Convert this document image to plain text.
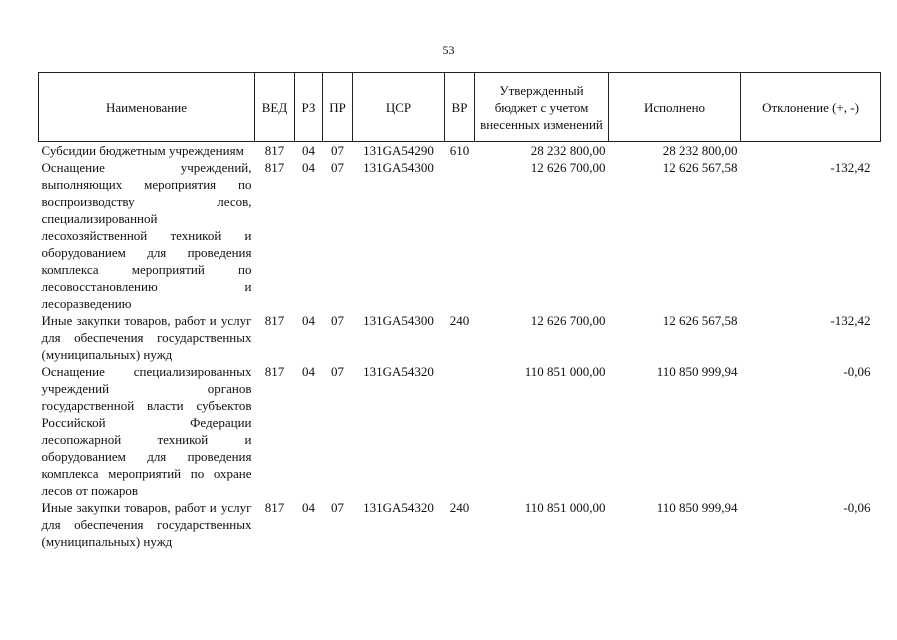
53
Наименование	ВЕД	РЗ	ПР	ЦСР	ВР	Утвержденный бюджет с учетом внесенных изменений	Исполнено	Отклонение (+, -)
Субсидии бюджетным учреждениям	817	04	07	131GA54290	610	28 232 800,00	28 232 800,00	
Оснащение учреждений, выполняющих мероприятия по воспроизводству лесов, специализированной лесохозяйственной техникой и оборудованием для проведения комплекса мероприятий по лесовосстановлению и лесоразведению	817	04	07	131GA54300		12 626 700,00	12 626 567,58	-132,42
Иные закупки товаров, работ и услуг для обеспечения государственных (муниципальных) нужд	817	04	07	131GA54300	240	12 626 700,00	12 626 567,58	-132,42
Оснащение специализированных учреждений органов государственной власти субъектов Российской Федерации лесопожарной техникой и оборудованием для проведения комплекса мероприятий по охране лесов от пожаров	817	04	07	131GA54320		110 851 000,00	110 850 999,94	-0,06
Иные закупки товаров, работ и услуг для обеспечения государственных (муниципальных) нужд	817	04	07	131GA54320	240	110 851 000,00	110 850 999,94	-0,06
